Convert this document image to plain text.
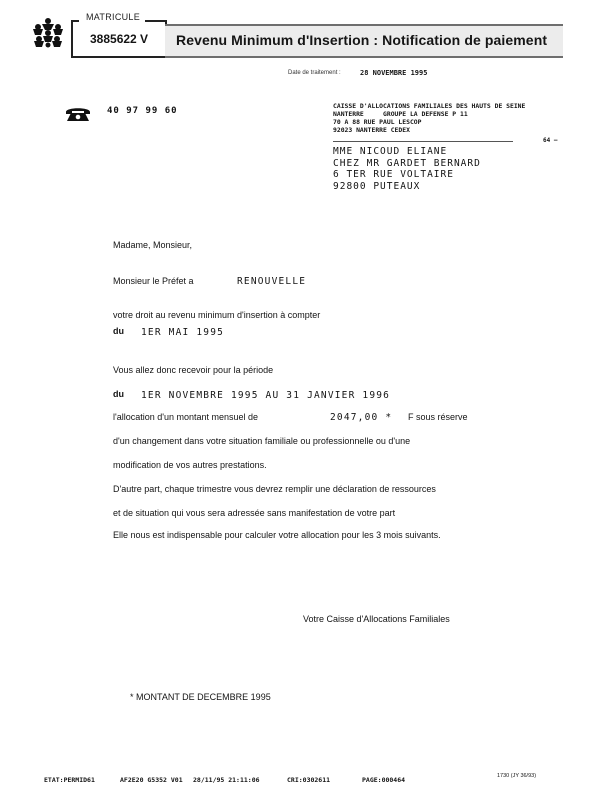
MATRICULE
3885622 V Revenu Minimum d'Insertion : Notification de paiement
Date de traitement :	28 NOVEMBRE 1995
40 97 99 60	CAISSE D'ALLOCATIONS FAMILIALES DES HAUTS DE SEINE
NANTERRE     GROUPE LA DEFENSE P 11
70 A 88 RUE PAUL LESCOP
92023 NANTERRE CEDEX
64 —
MME NICOUD ELIANE
CHEZ MR GARDET BERNARD
6 TER RUE VOLTAIRE
92800 PUTEAUX
Madame, Monsieur,
Monsieur le Préfet a	RENOUVELLE
votre droit au revenu minimum d'insertion à compter
du 1ER MAI 1995
Vous allez donc recevoir pour la période
du 1ER NOVEMBRE 1995 AU 31 JANVIER 1996
l'allocation d'un montant mensuel de	2047,00 * F sous réserve
d'un changement dans votre situation familiale ou professionnelle ou d'une
modification de vos autres prestations.
D'autre part, chaque trimestre vous devrez remplir une déclaration de ressources
et de situation qui vous sera adressée sans manifestation de votre part
Elle nous est indispensable pour calculer votre allocation pour les 3 mois suivants.
Votre Caisse d'Allocations Familiales
* MONTANT DE DECEMBRE 1995
ETAT:PERMID61	AF2E20 G5352 V01 28/11/95 21:11:06	CRI:0302611	PAGE:000464	1730 (JY 36/93)
